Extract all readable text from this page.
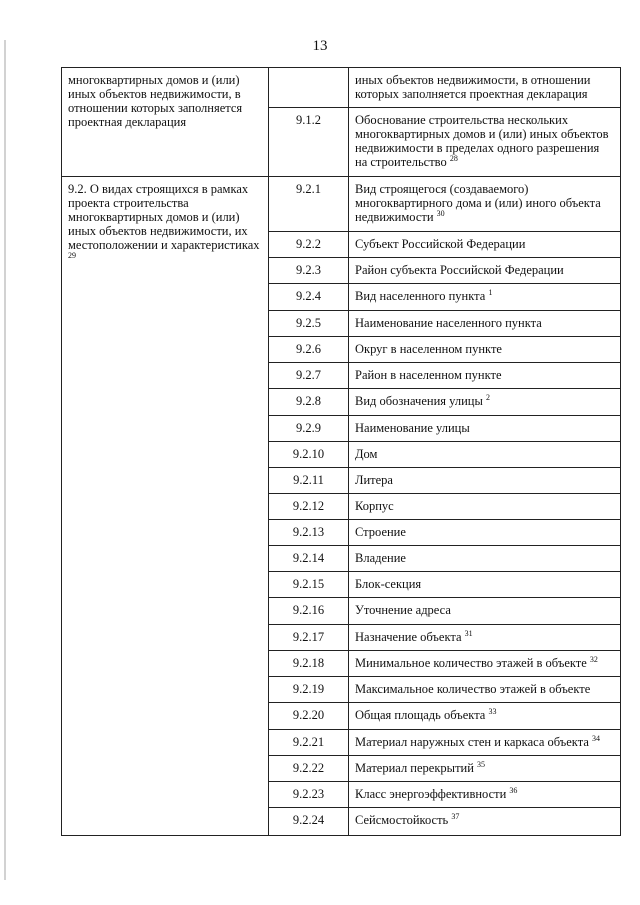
13
многоквартирных домов и (или) иных объектов недвижимости, в отношении которых заполняется проектная декларация		иных объектов недвижимости, в отношении которых заполняется проектная декларация
	9.1.2	Обоснование строительства нескольких многоквартирных домов и (или) иных объектов недвижимости в пределах одного разрешения на строительство $^{28}$
9.2. О видах строящихся в рамках проекта строительства многоквартирных домов и (или) иных объектов недвижимости, их местоположении и характеристиках $^{29}$	9.2.1	Вид строящегося (создаваемого) многоквартирного дома и (или) иного объекта недвижимости $^{30}$
	9.2.2	Субъект Российской Федерации
	9.2.3	Район субъекта Российской Федерации
	9.2.4	Вид населенного пункта $^1$
	9.2.5	Наименование населенного пункта
	9.2.6	Округ в населенном пункте
	9.2.7	Район в населенном пункте
	9.2.8	Вид обозначения улицы $^2$
	9.2.9	Наименование улицы
	9.2.10	Дом
	9.2.11	Литера
	9.2.12	Корпус
	9.2.13	Строение
	9.2.14	Владение
	9.2.15	Блок-секция
	9.2.16	Уточнение адреса
	9.2.17	Назначение объекта $^{31}$
	9.2.18	Минимальное количество этажей в объекте $^{32}$
	9.2.19	Максимальное количество этажей в объекте
	9.2.20	Общая площадь объекта $^{33}$
	9.2.21	Материал наружных стен и каркаса объекта $^{34}$
	9.2.22	Материал перекрытий $^{35}$
	9.2.23	Класс энергоэффективности $^{36}$
	9.2.24	Сейсмостойкость $^{37}$
